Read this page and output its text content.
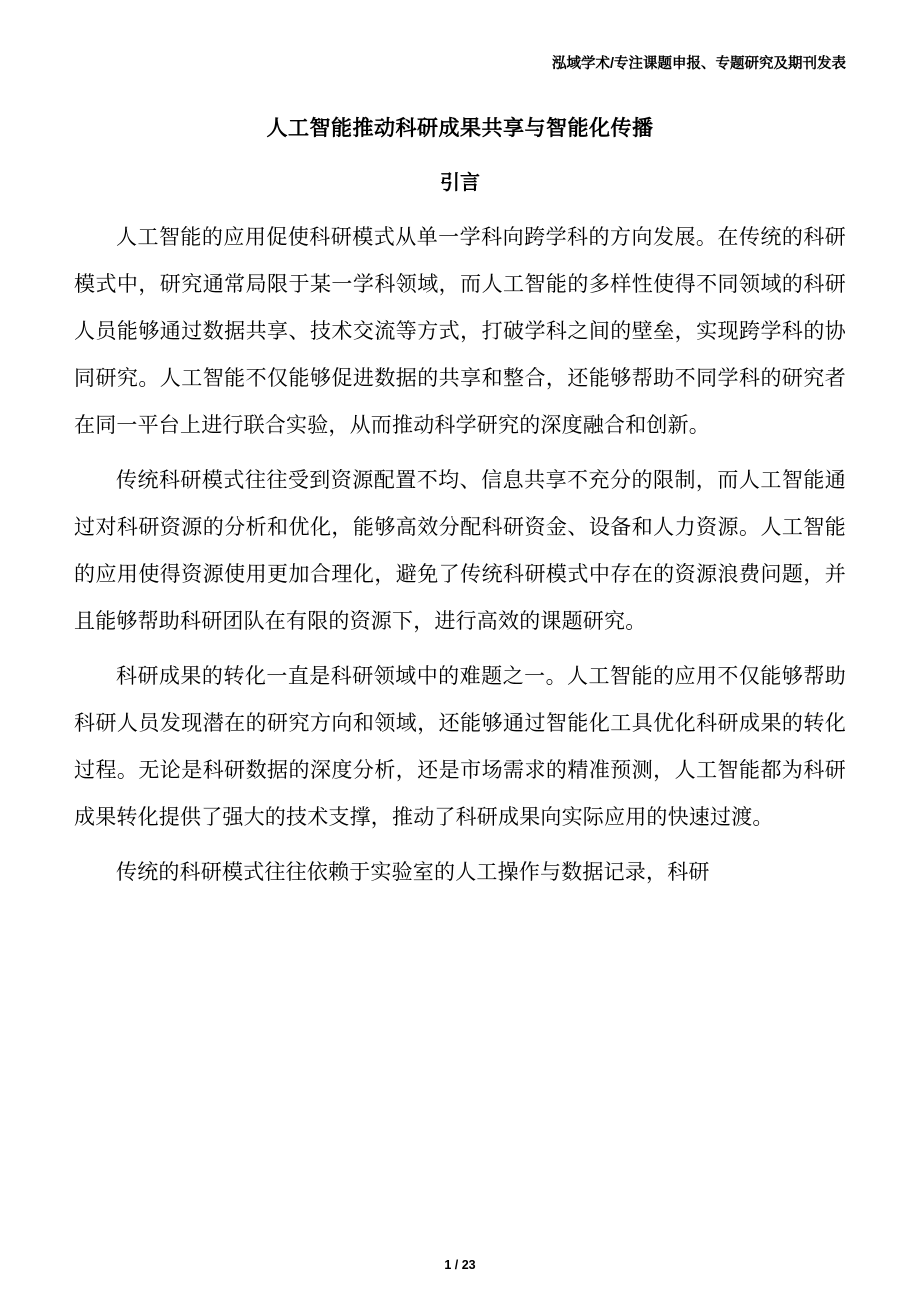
泓域学术/专注课题申报、专题研究及期刊发表
人工智能推动科研成果共享与智能化传播
引言

人工智能的应用促使科研模式从单一学科向跨学科的方向发展。在传统的科研模式中，研究通常局限于某一学科领域，而人工智能的多样性使得不同领域的科研人员能够通过数据共享、技术交流等方式，打破学科之间的壁垒，实现跨学科的协同研究。人工智能不仅能够促进数据的共享和整合，还能够帮助不同学科的研究者在同一平台上进行联合实验，从而推动科学研究的深度融合和创新。

传统科研模式往往受到资源配置不均、信息共享不充分的限制，而人工智能通过对科研资源的分析和优化，能够高效分配科研资金、设备和人力资源。人工智能的应用使得资源使用更加合理化，避免了传统科研模式中存在的资源浪费问题，并且能够帮助科研团队在有限的资源下，进行高效的课题研究。

科研成果的转化一直是科研领域中的难题之一。人工智能的应用不仅能够帮助科研人员发现潜在的研究方向和领域，还能够通过智能化工具优化科研成果的转化过程。无论是科研数据的深度分析，还是市场需求的精准预测，人工智能都为科研成果转化提供了强大的技术支撑，推动了科研成果向实际应用的快速过渡。

传统的科研模式往往依赖于实验室的人工操作与数据记录，科研

1 / 23
